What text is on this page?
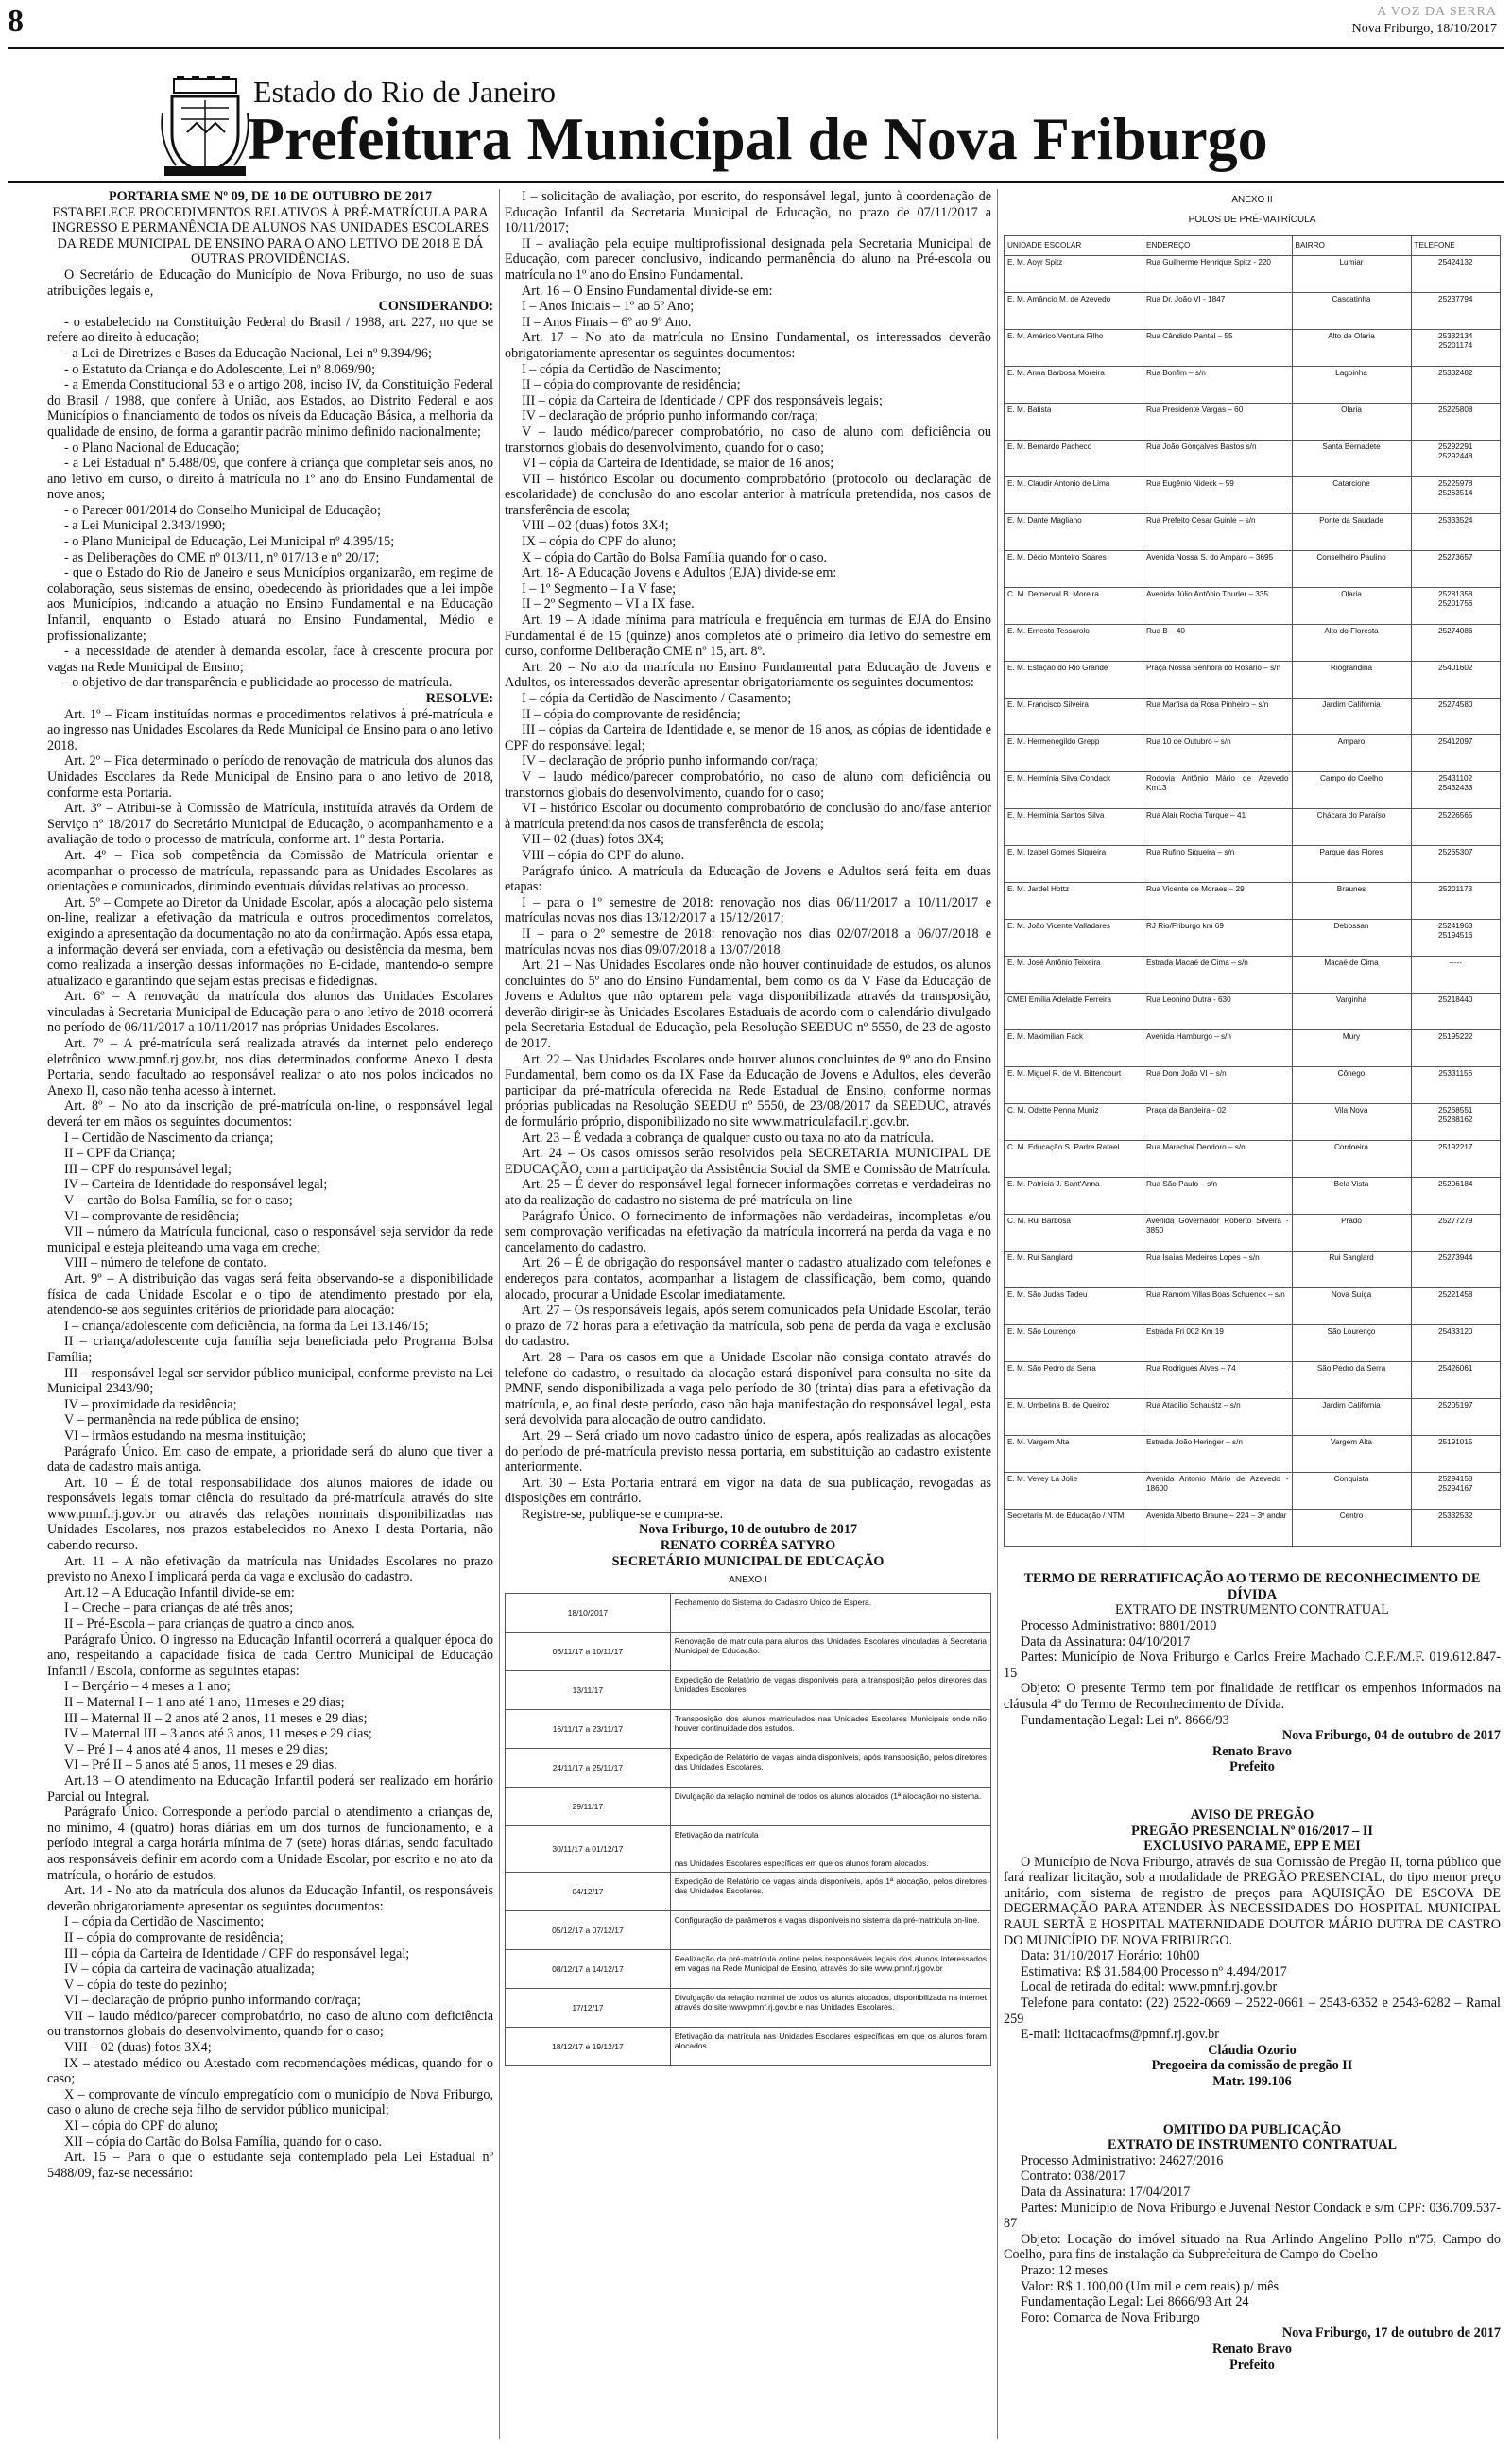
8	A VOZ DA SERRA
Nova Friburgo, 18/10/2017
Estado do Rio de Janeiro
Prefeitura Municipal de Nova Friburgo

PORTARIA SME Nº 09, DE 10 DE OUTUBRO DE 2017

ESTABELECE PROCEDIMENTOS RELATIVOS À PRÉ-MATRÍCULA PARA INGRESSO E PERMANÊNCIA DE ALUNOS NAS UNIDADES ESCOLARES DA REDE MUNICIPAL DE ENSINO PARA O ANO LETIVO DE 2018 E DÁ OUTRAS PROVIDÊNCIAS.

O Secretário de Educação do Município de Nova Friburgo, no uso de suas atribuições legais e,

CONSIDERANDO:

- o estabelecido na Constituição Federal do Brasil / 1988, art. 227, no que se refere ao direito à educação;

- a Lei de Diretrizes e Bases da Educação Nacional, Lei nº 9.394/96;

- o Estatuto da Criança e do Adolescente, Lei nº 8.069/90;

- a Emenda Constitucional 53 e o artigo 208, inciso IV, da Constituição Federal do Brasil / 1988, que confere à União, aos Estados, ao Distrito Federal e aos Municípios o financiamento de todos os níveis da Educação Básica, a melhoria da qualidade de ensino, de forma a garantir padrão mínimo definido nacionalmente;

- o Plano Nacional de Educação;

- a Lei Estadual nº 5.488/09, que confere à criança que completar seis anos, no ano letivo em curso, o direito à matrícula no 1º ano do Ensino Fundamental de nove anos;

- o Parecer 001/2014 do Conselho Municipal de Educação;

- a Lei Municipal 2.343/1990;

- o Plano Municipal de Educação, Lei Municipal nº 4.395/15;

- as Deliberações do CME nº 013/11, nº 017/13 e nº 20/17;

- que o Estado do Rio de Janeiro e seus Municípios organizarão, em regime de colaboração, seus sistemas de ensino, obedecendo às prioridades que a lei impõe aos Municípios, indicando a atuação no Ensino Fundamental e na Educação Infantil, enquanto o Estado atuará no Ensino Fundamental, Médio e profissionalizante;

- a necessidade de atender à demanda escolar, face à crescente procura por vagas na Rede Municipal de Ensino;

- o objetivo de dar transparência e publicidade ao processo de matrícula.

RESOLVE:

Art. 1º – Ficam instituídas normas e procedimentos relativos à pré-matrícula e ao ingresso nas Unidades Escolares da Rede Municipal de Ensino para o ano letivo 2018.

Art. 2º – Fica determinado o período de renovação de matrícula dos alunos das Unidades Escolares da Rede Municipal de Ensino para o ano letivo de 2018, conforme esta Portaria.

Art. 3º – Atribui-se à Comissão de Matrícula, instituída através da Ordem de Serviço nº 18/2017 do Secretário Municipal de Educação, o acompanhamento e a avaliação de todo o processo de matrícula, conforme art. 1º desta Portaria.

Art. 4º – Fica sob competência da Comissão de Matrícula orientar e acompanhar o processo de matrícula, repassando para as Unidades Escolares as orientações e comunicados, dirimindo eventuais dúvidas relativas ao processo.

Art. 5º – Compete ao Diretor da Unidade Escolar, após a alocação pelo sistema on-line, realizar a efetivação da matrícula e outros procedimentos correlatos, exigindo a apresentação da documentação no ato da confirmação. Após essa etapa, a informação deverá ser enviada, com a efetivação ou desistência da mesma, bem como realizada a inserção dessas informações no E-cidade, mantendo-o sempre atualizado e garantindo que sejam estas precisas e fidedignas.

Art. 6º – A renovação da matrícula dos alunos das Unidades Escolares vinculadas à Secretaria Municipal de Educação para o ano letivo de 2018 ocorrerá no período de 06/11/2017 a 10/11/2017 nas próprias Unidades Escolares.

Art. 7º – A pré-matrícula será realizada através da internet pelo endereço eletrônico www.pmnf.rj.gov.br, nos dias determinados conforme Anexo I desta Portaria, sendo facultado ao responsável realizar o ato nos polos indicados no Anexo II, caso não tenha acesso à internet.

Art. 8º – No ato da inscrição de pré-matrícula on-line, o responsável legal deverá ter em mãos os seguintes documentos:

I – Certidão de Nascimento da criança;

II – CPF da Criança;

III – CPF do responsável legal;

IV – Carteira de Identidade do responsável legal;

V – cartão do Bolsa Família, se for o caso;

VI – comprovante de residência;

VII – número da Matrícula funcional, caso o responsável seja servidor da rede municipal e esteja pleiteando uma vaga em creche;

VIII – número de telefone de contato.

Art. 9º – A distribuição das vagas será feita observando-se a disponibilidade física de cada Unidade Escolar e o tipo de atendimento prestado por ela, atendendo-se aos seguintes critérios de prioridade para alocação:

I – criança/adolescente com deficiência, na forma da Lei 13.146/15;

II – criança/adolescente cuja família seja beneficiada pelo Programa Bolsa Família;

III – responsável legal ser servidor público municipal, conforme previsto na Lei Municipal 2343/90;

IV – proximidade da residência;

V – permanência na rede pública de ensino;

VI – irmãos estudando na mesma instituição;

Parágrafo Único. Em caso de empate, a prioridade será do aluno que tiver a data de cadastro mais antiga.

Art. 10 – É de total responsabilidade dos alunos maiores de idade ou responsáveis legais tomar ciência do resultado da pré-matrícula através do site www.pmnf.rj.gov.br ou através das relações nominais disponibilizadas nas Unidades Escolares, nos prazos estabelecidos no Anexo I desta Portaria, não cabendo recurso.

Art. 11 – A não efetivação da matrícula nas Unidades Escolares no prazo previsto no Anexo I implicará perda da vaga e exclusão do cadastro.

Art.12 – A Educação Infantil divide-se em:

I – Creche – para crianças de até três anos;

II – Pré-Escola – para crianças de quatro a cinco anos.

Parágrafo Único. O ingresso na Educação Infantil ocorrerá a qualquer época do ano, respeitando a capacidade física de cada Centro Municipal de Educação Infantil / Escola, conforme as seguintes etapas:

I – Berçário – 4 meses a 1 ano;

II – Maternal I – 1 ano até 1 ano, 11meses e 29 dias;

III – Maternal II – 2 anos até 2 anos, 11 meses e 29 dias;

IV – Maternal III – 3 anos até 3 anos, 11 meses e 29 dias;

V – Pré I – 4 anos até 4 anos, 11 meses e 29 dias;

VI – Pré II – 5 anos até 5 anos, 11 meses e 29 dias.

Art.13 – O atendimento na Educação Infantil poderá ser realizado em horário Parcial ou Integral.

Parágrafo Único. Corresponde a período parcial o atendimento a crianças de, no mínimo, 4 (quatro) horas diárias em um dos turnos de funcionamento, e a período integral a carga horária mínima de 7 (sete) horas diárias, sendo facultado aos responsáveis definir em acordo com a Unidade Escolar, por escrito e no ato da matrícula, o horário de estudos.

Art. 14 - No ato da matrícula dos alunos da Educação Infantil, os responsáveis deverão obrigatoriamente apresentar os seguintes documentos:

I – cópia da Certidão de Nascimento;

II – cópia do comprovante de residência;

III – cópia da Carteira de Identidade / CPF do responsável legal;

IV – cópia da carteira de vacinação atualizada;

V – cópia do teste do pezinho;

VI – declaração de próprio punho informando cor/raça;

VII – laudo médico/parecer comprobatório, no caso de aluno com deficiência ou transtornos globais do desenvolvimento, quando for o caso;

VIII – 02 (duas) fotos 3X4;

IX – atestado médico ou Atestado com recomendações médicas, quando for o caso;

X – comprovante de vínculo empregatício com o município de Nova Friburgo, caso o aluno de creche seja filho de servidor público municipal;

XI – cópia do CPF do aluno;

XII – cópia do Cartão do Bolsa Família, quando for o caso.

Art. 15 – Para o que o estudante seja contemplado pela Lei Estadual nº 5488/09, faz-se necessário:

I – solicitação de avaliação, por escrito, do responsável legal, junto à coordenação de Educação Infantil da Secretaria Municipal de Educação, no prazo de 07/11/2017 a 10/11/2017;

II – avaliação pela equipe multiprofissional designada pela Secretaria Municipal de Educação, com parecer conclusivo, indicando permanência do aluno na Pré-escola ou matrícula no 1º ano do Ensino Fundamental.

Art. 16 – O Ensino Fundamental divide-se em:

I – Anos Iniciais – 1º ao 5º Ano;

II – Anos Finais – 6º ao 9º Ano.

Art. 17 – No ato da matrícula no Ensino Fundamental, os interessados deverão obrigatoriamente apresentar os seguintes documentos:

I – cópia da Certidão de Nascimento;

II – cópia do comprovante de residência;

III – cópia da Carteira de Identidade / CPF dos responsáveis legais;

IV – declaração de próprio punho informando cor/raça;

V – laudo médico/parecer comprobatório, no caso de aluno com deficiência ou transtornos globais do desenvolvimento, quando for o caso;

VI – cópia da Carteira de Identidade, se maior de 16 anos;

VII – histórico Escolar ou documento comprobatório (protocolo ou declaração de escolaridade) de conclusão do ano escolar anterior à matrícula pretendida, nos casos de transferência de escola;

VIII – 02 (duas) fotos 3X4;

IX – cópia do CPF do aluno;

X – cópia do Cartão do Bolsa Família quando for o caso.

Art. 18- A Educação Jovens e Adultos (EJA) divide-se em:

I – 1º Segmento – I a V fase;

II – 2º Segmento – VI a IX fase.

Art. 19 – A idade mínima para matrícula e frequência em turmas de EJA do Ensino Fundamental é de 15 (quinze) anos completos até o primeiro dia letivo do semestre em curso, conforme Deliberação CME nº 15, art. 8º.

Art. 20 – No ato da matrícula no Ensino Fundamental para Educação de Jovens e Adultos, os interessados deverão apresentar obrigatoriamente os seguintes documentos:

I – cópia da Certidão de Nascimento / Casamento;

II – cópia do comprovante de residência;

III – cópias da Carteira de Identidade e, se menor de 16 anos, as cópias de identidade e CPF do responsável legal;

IV – declaração de próprio punho informando cor/raça;

V – laudo médico/parecer comprobatório, no caso de aluno com deficiência ou transtornos globais do desenvolvimento, quando for o caso;

VI – histórico Escolar ou documento comprobatório de conclusão do ano/fase anterior à matrícula pretendida nos casos de transferência de escola;

VII – 02 (duas) fotos 3X4;

VIII – cópia do CPF do aluno.

Parágrafo único. A matrícula da Educação de Jovens e Adultos será feita em duas etapas:

I – para o 1º semestre de 2018: renovação nos dias 06/11/2017 a 10/11/2017 e matrículas novas nos dias 13/12/2017 a 15/12/2017;

II – para o 2º semestre de 2018: renovação nos dias 02/07/2018 a 06/07/2018 e matrículas novas nos dias 09/07/2018 a 13/07/2018.

Art. 21 – Nas Unidades Escolares onde não houver continuidade de estudos, os alunos concluintes do 5º ano do Ensino Fundamental, bem como os da V Fase da Educação de Jovens e Adultos que não optarem pela vaga disponibilizada através da transposição, deverão dirigir-se às Unidades Escolares Estaduais de acordo com o calendário divulgado pela Secretaria Estadual de Educação, pela Resolução SEEDUC nº 5550, de 23 de agosto de 2017.

Art. 22 – Nas Unidades Escolares onde houver alunos concluintes de 9º ano do Ensino Fundamental, bem como os da IX Fase da Educação de Jovens e Adultos, eles deverão participar da pré-matrícula oferecida na Rede Estadual de Ensino, conforme normas próprias publicadas na Resolução SEEDU nº 5550, de 23/08/2017 da SEEDUC, através de formulário próprio, disponibilizado no site www.matriculafacil.rj.gov.br.

Art. 23 – É vedada a cobrança de qualquer custo ou taxa no ato da matrícula.

Art. 24 – Os casos omissos serão resolvidos pela SECRETARIA MUNICIPAL DE EDUCAÇÃO, com a participação da Assistência Social da SME e Comissão de Matrícula.

Art. 25 – É dever do responsável legal fornecer informações corretas e verdadeiras no ato da realização do cadastro no sistema de pré-matrícula on-line

Parágrafo Único. O fornecimento de informações não verdadeiras, incompletas e/ou sem comprovação verificadas na efetivação da matrícula incorrerá na perda da vaga e no cancelamento do cadastro.

Art. 26 – É de obrigação do responsável manter o cadastro atualizado com telefones e endereços para contatos, acompanhar a listagem de classificação, bem como, quando alocado, procurar a Unidade Escolar imediatamente.

Art. 27 – Os responsáveis legais, após serem comunicados pela Unidade Escolar, terão o prazo de 72 horas para a efetivação da matrícula, sob pena de perda da vaga e exclusão do cadastro.

Art. 28 – Para os casos em que a Unidade Escolar não consiga contato através do telefone do cadastro, o resultado da alocação estará disponível para consulta no site da PMNF, sendo disponibilizada a vaga pelo período de 30 (trinta) dias para a efetivação da matrícula, e, ao final deste período, caso não haja manifestação do responsável legal, esta será devolvida para alocação de outro candidato.

Art. 29 – Será criado um novo cadastro único de espera, após realizadas as alocações do período de pré-matrícula previsto nessa portaria, em substituição ao cadastro existente anteriormente.

Art. 30 – Esta Portaria entrará em vigor na data de sua publicação, revogadas as disposições em contrário.

Registre-se, publique-se e cumpra-se.

Nova Friburgo, 10 de outubro de 2017

RENATO CORRÊA SATYRO

SECRETÁRIO MUNICIPAL DE EDUCAÇÃO

ANEXO I
18/10/2017	Fechamento do Sistema do Cadastro Único de Espera.
06/11/17 a 10/11/17	Renovação de matrícula para alunos das Unidades Escolares vinculadas à Secretaria Municipal de Educação.
13/11/17	Expedição de Relatório de vagas disponíveis para a transposição pelos diretores das Unidades Escolares.
16/11/17 a 23/11/17	Transposição dos alunos matriculados nas Unidades Escolares Municipais onde não houver continuidade dos estudos.
24/11/17 a 25/11/17	Expedição de Relatório de vagas ainda disponíveis, após transposição, pelos diretores das Unidades Escolares.
29/11/17	Divulgação da relação nominal de todos os alunos alocados (1ª alocação) no sistema.
30/11/17 a 01/12/17	Efetivação da matrícula

nas Unidades Escolares específicas em que os alunos foram alocados.
04/12/17	Expedição de Relatório de vagas ainda disponíveis, após 1ª alocação, pelos diretores das Unidades Escolares.
05/12/17 a 07/12/17	Configuração de parâmetros e vagas disponíveis no sistema da pré-matrícula on-line.
08/12/17 a 14/12/17	Realização da pré-matrícula online pelos responsáveis legais dos alunos interessados em vagas na Rede Municipal de Ensino, através do site www.pmnf.rj.gov.br
17/12/17	Divulgação da relação nominal de todos os alunos alocados, disponibilizada na internet através do site www.pmnf.rj.gov.br e nas Unidades Escolares.
18/12/17 e 19/12/17	Efetivação da matrícula nas Unidades Escolares específicas em que os alunos foram alocados.
ANEXO II
POLOS DE PRÉ-MATRÍCULA
UNIDADE ESCOLAR	ENDEREÇO	BAIRRO	TELEFONE
E. M. Aoyr Spitz	Rua Guilherme Henrique Spitz - 220	Lumiar	25424132
E. M. Amâncio M. de Azevedo	Rua Dr. João VI - 1847	Cascatinha	25237794
E. M. Américo Ventura Filho	Rua Cândido Pantal – 55	Alto de Olaria	25332134
25201174
E. M. Anna Barbosa Moreira	Rua Bonfim – s/n	Lagoinha	25332482
E. M. Batista	Rua Presidente Vargas – 60	Olaria	25225808
E. M. Bernardo Pacheco	Rua João Gonçalves Bastos s/n	Santa Bernadete	25292291
25292448
E. M. Claudir Antonio de Lima	Rua Eugênio Nideck – 59	Catarcione	25225978
25263514
E. M. Dante Magliano	Rua Prefeito Cesar Guinle – s/n	Ponte da Saudade	25333524
E. M. Décio Monteiro Soares	Avenida Nossa S. do Amparo – 3695	Conselheiro Paulino	25273657
C. M. Demerval B. Moreira	Avenida Júlio Antônio Thurler – 335	Olaria	25281358
25201756
E. M. Ernesto Tessarolo	Rua B – 40	Alto do Floresta	25274086
E. M. Estação do Rio Grande	Praça Nossa Senhora do Rosário – s/n	Riograndina	25401602
E. M. Francisco Silveira	Rua Marfisa da Rosa Pinheiro – s/n	Jardim Califórnia	25274580
E. M. Hermenegildo Grepp	Rua 10 de Outubro – s/n	Amparo	25412097
E. M. Hermínia Silva Condack	Rodovia Antônio Mário de Azevedo Km13	Campo do Coelho	25431102
25432433
E. M. Hermínia Santos Silva	Rua Alair Rocha Turque – 41	Chácara do Paraíso	25226565
E. M. Izabel Gomes Siqueira	Rua Rufino Siqueira – s/n	Parque das Flores	25265307
E. M. Jardel Hottz	Rua Vicente de Moraes – 29	Braunes	25201173
E. M. João Vicente Valladares	RJ Rio/Friburgo km 69	Debossan	25241963
25194516
E. M. José Antônio Teixeira	Estrada Macaé de Cima – s/n	Macaé de Cima	-----
CMEI Emília Adelaide Ferreira	Rua Leonino Dutra - 630	Varginha	25218440
E. M. Maximilian Fack	Avenida Hamburgo – s/n	Mury	25195222
E. M. Miguel R. de M. Bittencourt	Rua Dom João VI – s/n	Cônego	25331156
C. M. Odette Penna Muniz	Praça da Bandeira - 02	Vila Nova	25268551
25288162
C. M. Educação S. Padre Rafael	Rua Marechal Deodoro – s/n	Cordoeira	25192217
E. M. Patrícia J. Sant'Anna	Rua São Paulo – s/n	Bela Vista	25206184
C. M. Rui Barbosa	Avenida Governador Roberto Silveira - 3850	Prado	25277279
E. M. Rui Sanglard	Rua Isaías Medeiros Lopes – s/n	Rui Sanglard	25273944
E. M. São Judas Tadeu	Rua Ramom Villas Boas Schuenck – s/n	Nova Suíça	25221458
E. M. São Lourenço	Estrada Fri 002 Km 19	São Lourenço	25433120
E. M. São Pedro da Serra	Rua Rodrigues Alves – 74	São Pedro da Serra	25426061
E. M. Umbelina B. de Queiroz	Rua Atacílio Schaustz – s/n	Jardim Califórnia	25205197
E. M. Vargem Alta	Estrada João Heringer – s/n	Vargem Alta	25191015
E. M. Vevey La Jolie	Avenida Antonio Mário de Azevedo - 18600	Conquista	25294158
25294167
Secretaria M. de Educação / NTM	Avenida Alberto Braune – 224 – 3º andar	Centro	25332532

TERMO DE RERRATIFICAÇÃO AO TERMO DE RECONHECIMENTO DE DÍVIDA

EXTRATO DE INSTRUMENTO CONTRATUAL

Processo Administrativo: 8801/2010

Data da Assinatura: 04/10/2017

Partes: Município de Nova Friburgo e Carlos Freire Machado C.P.F./M.F. 019.612.847-15

Objeto: O presente Termo tem por finalidade de retificar os empenhos informados na cláusula 4ª do Termo de Reconhecimento de Dívida.

Fundamentação Legal: Lei nº. 8666/93

Nova Friburgo, 04 de outubro de 2017

Renato Bravo

Prefeito

AVISO DE PREGÃO

PREGÃO PRESENCIAL Nº 016/2017 – II

EXCLUSIVO PARA ME, EPP E MEI

O Município de Nova Friburgo, através de sua Comissão de Pregão II, torna público que fará realizar licitação, sob a modalidade de PREGÃO PRESENCIAL, do tipo menor preço unitário, com sistema de registro de preços para AQUISIÇÃO DE ESCOVA DE DEGERMAÇÃO PARA ATENDER ÀS NECESSIDADES DO HOSPITAL MUNICIPAL RAUL SERTÃ E HOSPITAL MATERNIDADE DOUTOR MÁRIO DUTRA DE CASTRO DO MUNICÍPIO DE NOVA FRIBURGO.

Data: 31/10/2017 Horário: 10h00

Estimativa: R$ 31.584,00 Processo nº 4.494/2017

Local de retirada do edital: www.pmnf.rj.gov.br

Telefone para contato: (22) 2522-0669 – 2522-0661 – 2543-6352 e 2543-6282 – Ramal 259

E-mail: licitacaofms@pmnf.rj.gov.br

Cláudia Ozorio

Pregoeira da comissão de pregão II

Matr. 199.106

OMITIDO DA PUBLICAÇÃO

EXTRATO DE INSTRUMENTO CONTRATUAL

Processo Administrativo: 24627/2016

Contrato: 038/2017

Data da Assinatura: 17/04/2017

Partes: Município de Nova Friburgo e Juvenal Nestor Condack e s/m CPF: 036.709.537-87

Objeto: Locação do imóvel situado na Rua Arlindo Angelino Pollo nº75, Campo do Coelho, para fins de instalação da Subprefeitura de Campo do Coelho

Prazo: 12 meses

Valor: R$ 1.100,00 (Um mil e cem reais) p/ mês

Fundamentação Legal: Lei 8666/93 Art 24

Foro: Comarca de Nova Friburgo

Nova Friburgo, 17 de outubro de 2017

Renato Bravo

Prefeito
